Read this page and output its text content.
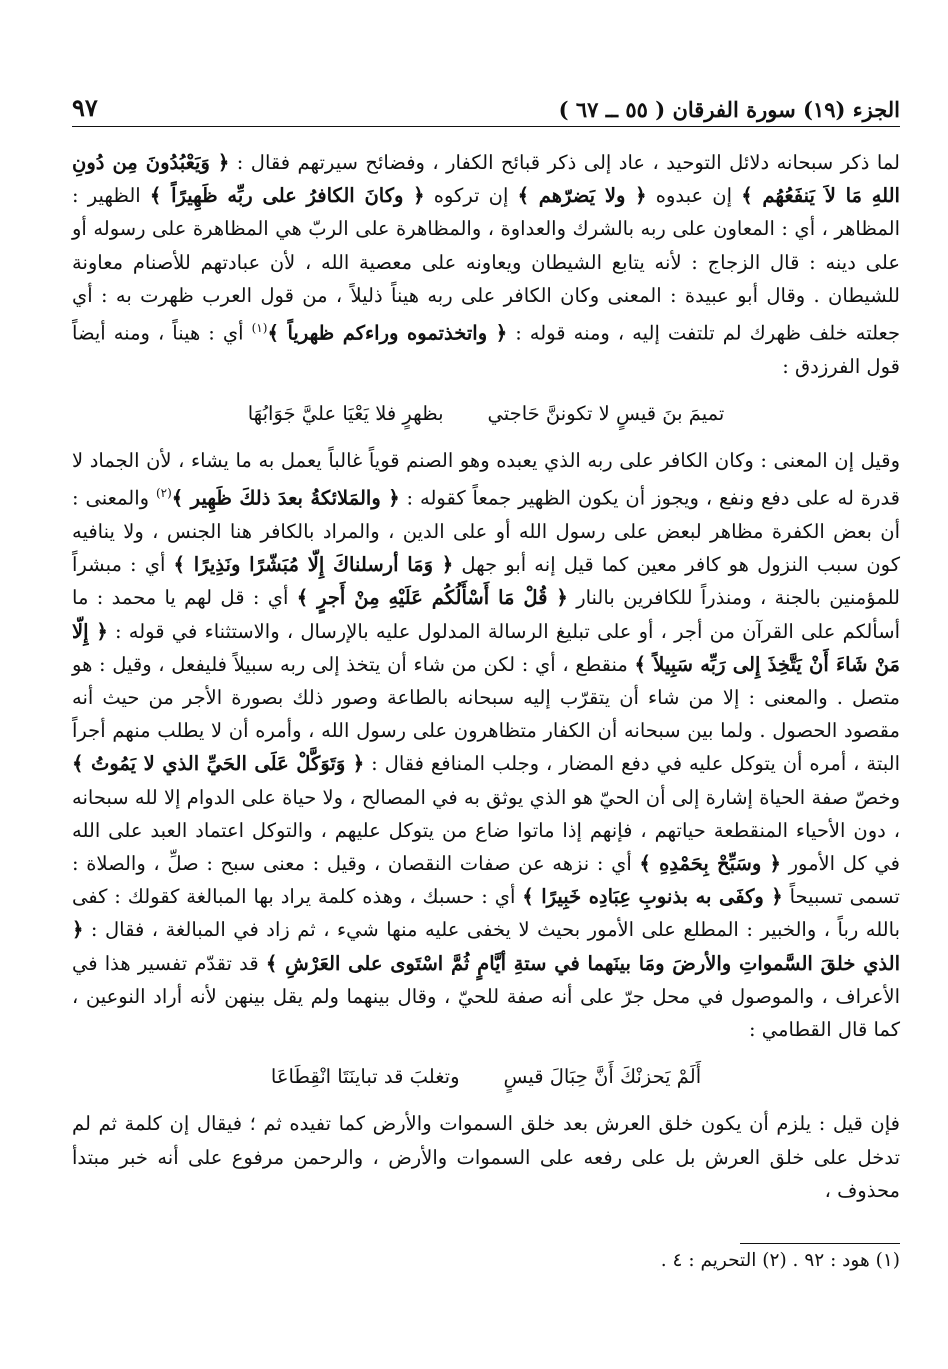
الجزء (١٩) سورة الفرقان ( ٥٥ ــ ٦٧ )
٩٧

لما ذكر سبحانه دلائل التوحيد ، عاد إلى ذكر قبائح الكفار ، وفضائح سيرتهم فقال : ﴿ وَيَعْبُدُونَ مِن دُونِ اللهِ مَا لاَ يَنفَعُهُم ﴾ إن عبدوه ﴿ ولا يَضرّهم ﴾ إن تركوه ﴿ وكانَ الكافرُ على ربِّه ظَهِيرًاً ﴾ الظهير : المظاهر ، أي : المعاون على ربه بالشرك والعداوة ، والمظاهرة على الربّ هي المظاهرة على رسوله أو على دينه : قال الزجاج : لأنه يتابع الشيطان ويعاونه على معصية الله ، لأن عبادتهم للأصنام معاونة للشيطان . وقال أبو عبيدة : المعنى وكان الكافر على ربه هيناً ذليلاً ، من قول العرب ظهرت به : أي جعلته خلف ظهرك لم تلتفت إليه ، ومنه قوله : ﴿ واتخذتموه وراءكم ظهرياً ﴾$^{(١)}$ أي : هيناً ، ومنه أيضاً قول الفرزدق :

تميمَ بنَ قيسٍ لا تكوننَّ حَاجتي
بظهرٍ فلا يَعْيَا عليَّ جَوَابُهَا

وقيل إن المعنى : وكان الكافر على ربه الذي يعبده وهو الصنم قوياً غالباً يعمل به ما يشاء ، لأن الجماد لا قدرة له على دفع ونفع ، ويجوز أن يكون الظهير جمعاً كقوله : ﴿ والمَلائكةُ بعدَ ذلكَ ظَهِير ﴾$^{(٢)}$ والمعنى : أن بعض الكفرة مظاهر لبعض على رسول الله أو على الدين ، والمراد بالكافر هنا الجنس ، ولا ينافيه كون سبب النزول هو كافر معين كما قيل إنه أبو جهل ﴿ وَمَا أرسلناكَ إِلّا مُبَشّرًا ونَذِيرًا ﴾ أي : مبشراً للمؤمنين بالجنة ، ومنذراً للكافرين بالنار ﴿ قُلْ مَا أَسْأَلُكُم عَلَيْهِ مِنْ أَجرٍ ﴾ أي : قل لهم يا محمد : ما أسألكم على القرآن من أجر ، أو على تبليغ الرسالة المدلول عليه بالإرسال ، والاستثناء في قوله : ﴿ إِلّا مَنْ شَاءَ أَنْ يَتَّخِذَ إِلى رَبِّه سَبِيلاً ﴾ منقطع ، أي : لكن من شاء أن يتخذ إلى ربه سبيلاً فليفعل ، وقيل : هو متصل . والمعنى : إلا من شاء أن يتقرّب إليه سبحانه بالطاعة وصور ذلك بصورة الأجر من حيث أنه مقصود الحصول . ولما بين سبحانه أن الكفار متظاهرون على رسول الله ، وأمره أن لا يطلب منهم أجراً البتة ، أمره أن يتوكل عليه في دفع المضار ، وجلب المنافع فقال : ﴿ وَتَوَكَّلْ عَلَى الحَيِّ الذي لا يَمُوتُ ﴾ وخصّ صفة الحياة إشارة إلى أن الحيّ هو الذي يوثق به في المصالح ، ولا حياة على الدوام إلا لله سبحانه ، دون الأحياء المنقطعة حياتهم ، فإنهم إذا ماتوا ضاع من يتوكل عليهم ، والتوكل اعتماد العبد على الله في كل الأمور ﴿ وسَبِّحْ بِحَمْدِهِ ﴾ أي : نزهه عن صفات النقصان ، وقيل : معنى سبح : صلِّ ، والصلاة : تسمى تسبيحاً ﴿ وكفَى به بذنوبِ عِبَادِه خَبِيرًا ﴾ أي : حسبك ، وهذه كلمة يراد بها المبالغة كقولك : كفى بالله رباً ، والخبير : المطلع على الأمور بحيث لا يخفى عليه منها شيء ، ثم زاد في المبالغة ، فقال : ﴿ الذي خلقَ السَّمواتِ والأرضَ ومَا بينَهما في ستةِ أيَّامٍ ثُمَّ اسْتَوى على العَرْشِ ﴾ قد تقدّم تفسير هذا في الأعراف ، والموصول في محل جرّ على أنه صفة للحيّ ، وقال بينهما ولم يقل بينهن لأنه أراد النوعين ، كما قال القطامي :

أَلَمْ يَحزنْكَ أَنَّ حِبَالَ قيسٍ
وتغلبَ قد تباينَتَا انْقِطَاعَا

فإن قيل : يلزم أن يكون خلق العرش بعد خلق السموات والأرض كما تفيده ثم ؛ فيقال إن كلمة ثم لم تدخل على خلق العرش بل على رفعه على السموات والأرض ، والرحمن مرفوع على أنه خبر مبتدأ محذوف ،

(١) هود : ٩٢ . (٢) التحريم : ٤ .
